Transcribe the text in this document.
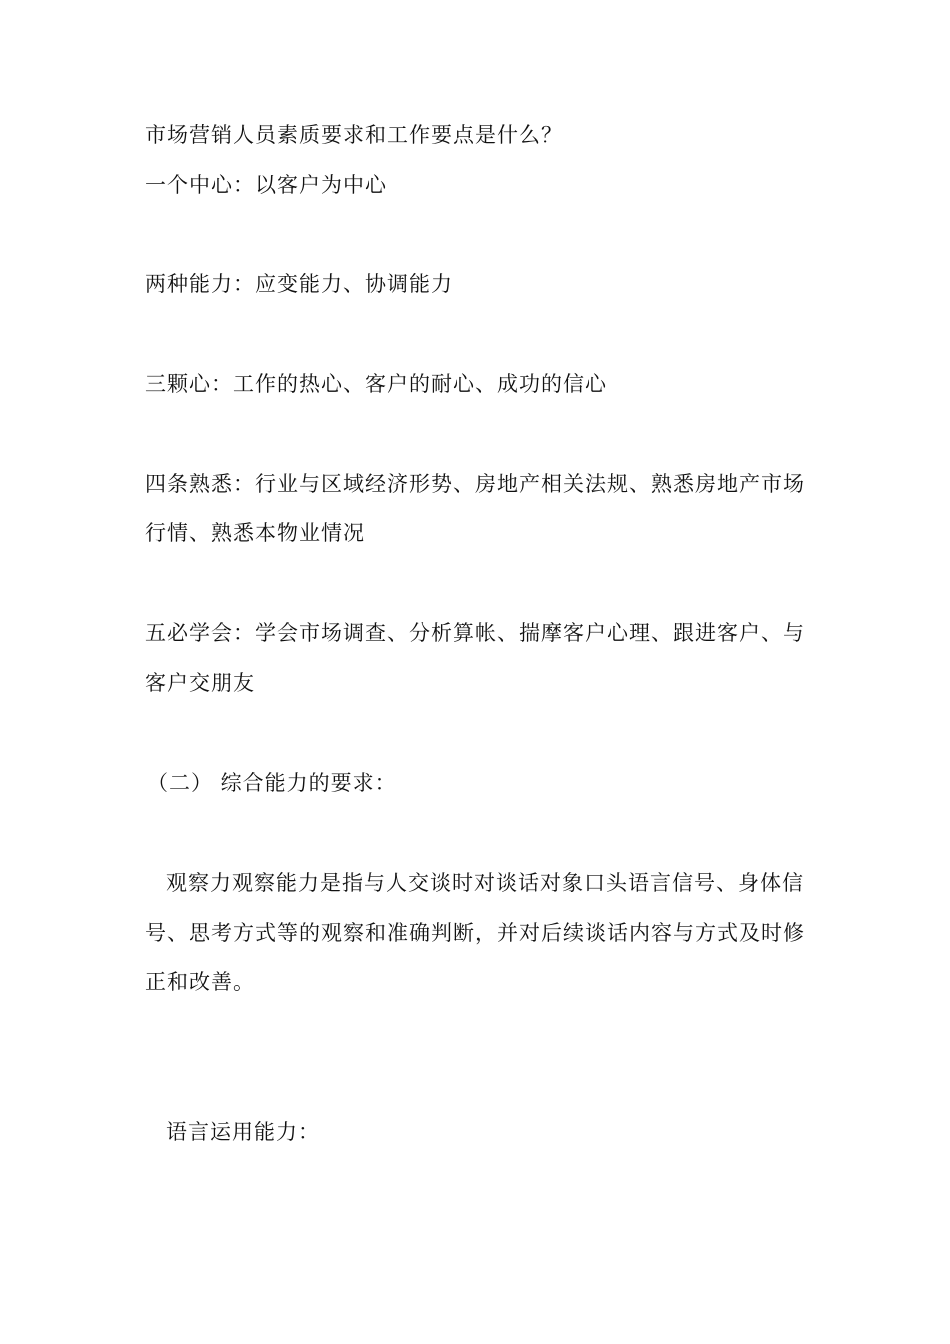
市场营销人员素质要求和工作要点是什么？
一个中心：以客户为中心
两种能力：应变能力、协调能力
三颗心：工作的热心、客户的耐心、成功的信心
四条熟悉：行业与区域经济形势、房地产相关法规、熟悉房地产市场
行情、熟悉本物业情况
五必学会：学会市场调查、分析算帐、揣摩客户心理、跟进客户、与
客户交朋友
（二） 综合能力的要求：
观察力观察能力是指与人交谈时对谈话对象口头语言信号、身体信
号、思考方式等的观察和准确判断，并对后续谈话内容与方式及时修
正和改善。
语言运用能力：
